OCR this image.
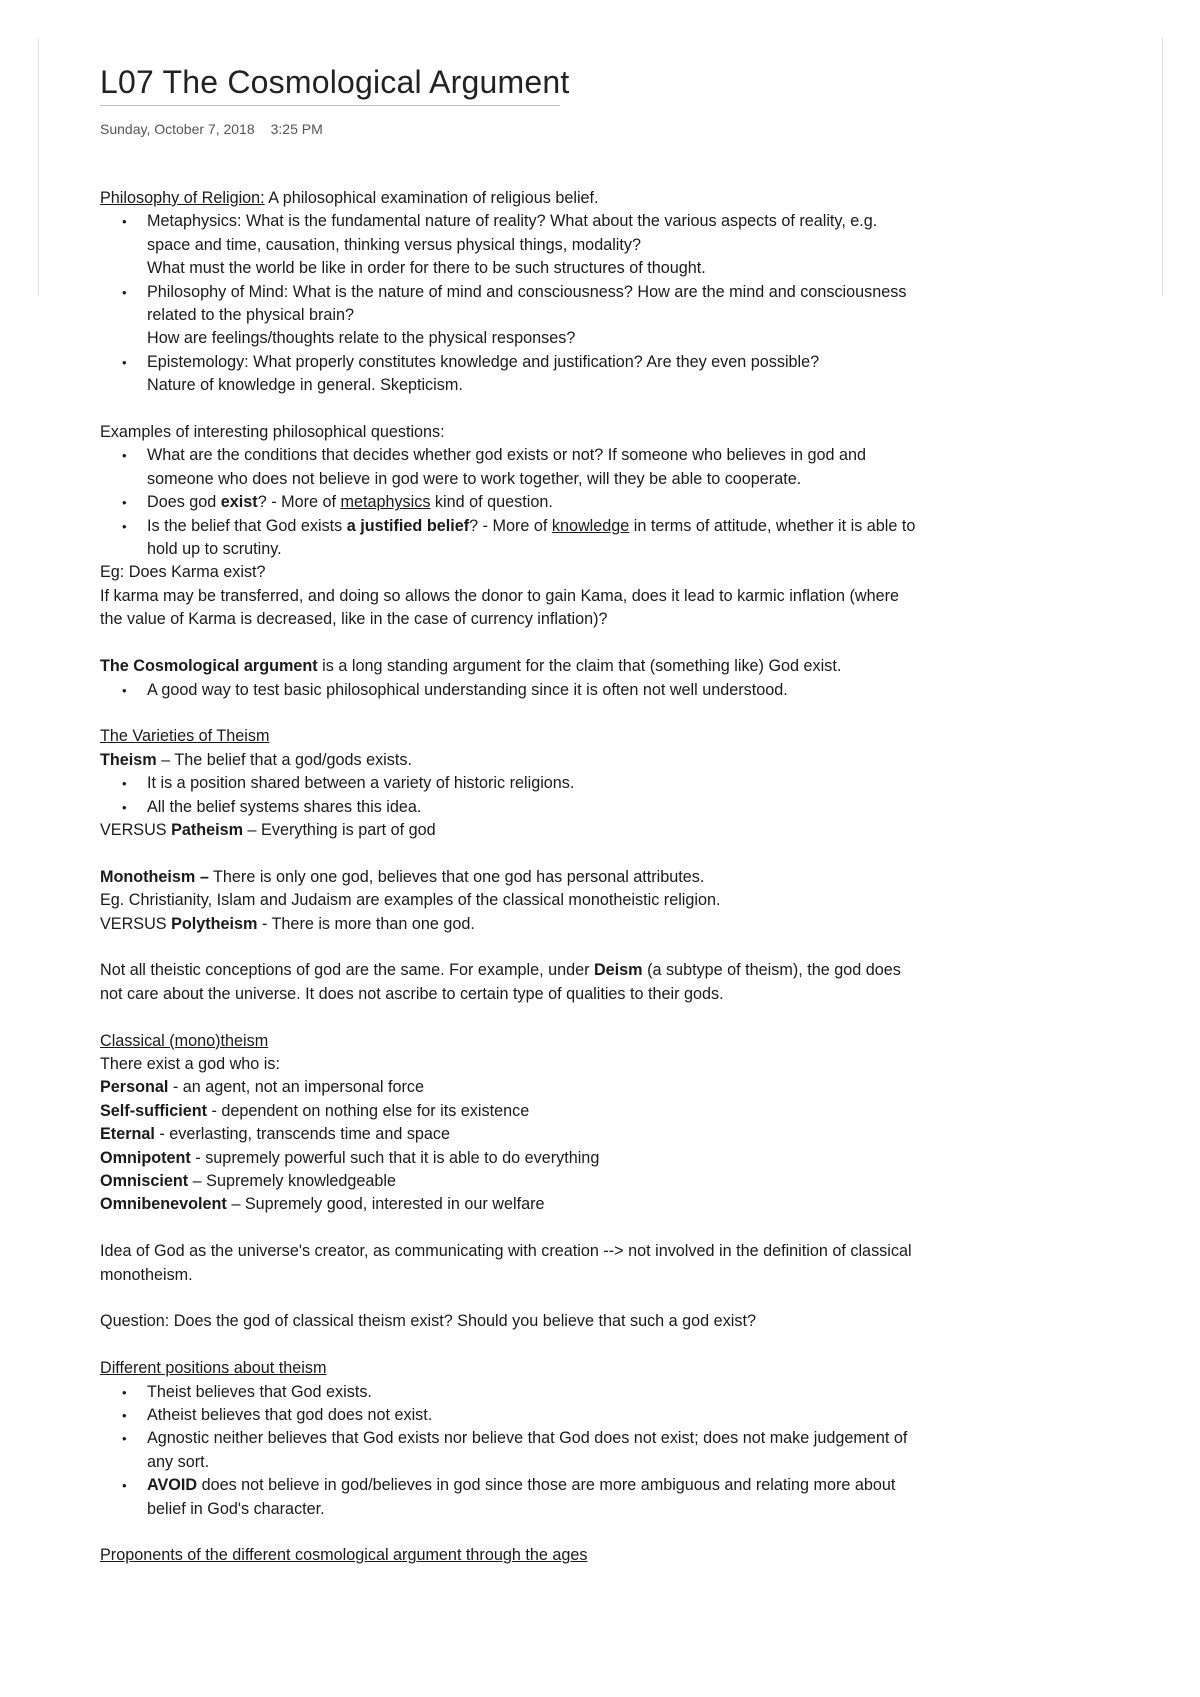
L07 The Cosmological Argument
Sunday, October 7, 2018 3:25 PM

Philosophy of Religion: A philosophical examination of religious belief.

• Metaphysics: What is the fundamental nature of reality? What about the various aspects of reality, e.g. space and time, causation, thinking versus physical things, modality?
What must the world be like in order for there to be such structures of thought.
• Philosophy of Mind: What is the nature of mind and consciousness? How are the mind and consciousness related to the physical brain?
How are feelings/thoughts relate to the physical responses?
• Epistemology: What properly constitutes knowledge and justification? Are they even possible?
Nature of knowledge in general. Skepticism.

Examples of interesting philosophical questions:

• What are the conditions that decides whether god exists or not? If someone who believes in god and someone who does not believe in god were to work together, will they be able to cooperate.
• Does god exist? - More of metaphysics kind of question.
• Is the belief that God exists a justified belief? - More of knowledge in terms of attitude, whether it is able to hold up to scrutiny.

Eg: Does Karma exist?

If karma may be transferred, and doing so allows the donor to gain Kama, does it lead to karmic inflation (where the value of Karma is decreased, like in the case of currency inflation)?

The Cosmological argument is a long standing argument for the claim that (something like) God exist.

• A good way to test basic philosophical understanding since it is often not well understood.

The Varieties of Theism

Theism – The belief that a god/gods exists.

• It is a position shared between a variety of historic religions.
• All the belief systems shares this idea.

VERSUS Patheism – Everything is part of god

Monotheism – There is only one god, believes that one god has personal attributes.

Eg. Christianity, Islam and Judaism are examples of the classical monotheistic religion.

VERSUS Polytheism - There is more than one god.

Not all theistic conceptions of god are the same. For example, under Deism (a subtype of theism), the god does not care about the universe. It does not ascribe to certain type of qualities to their gods.

Classical (mono)theism

There exist a god who is:

Personal - an agent, not an impersonal force

Self-sufficient - dependent on nothing else for its existence

Eternal - everlasting, transcends time and space

Omnipotent - supremely powerful such that it is able to do everything

Omniscient – Supremely knowledgeable

Omnibenevolent – Supremely good, interested in our welfare

Idea of God as the universe's creator, as communicating with creation --> not involved in the definition of classical monotheism.

Question: Does the god of classical theism exist? Should you believe that such a god exist?

Different positions about theism

• Theist believes that God exists.
• Atheist believes that god does not exist.
• Agnostic neither believes that God exists nor believe that God does not exist; does not make judgement of any sort.
• AVOID does not believe in god/believes in god since those are more ambiguous and relating more about belief in God's character.

Proponents of the different cosmological argument through the ages
